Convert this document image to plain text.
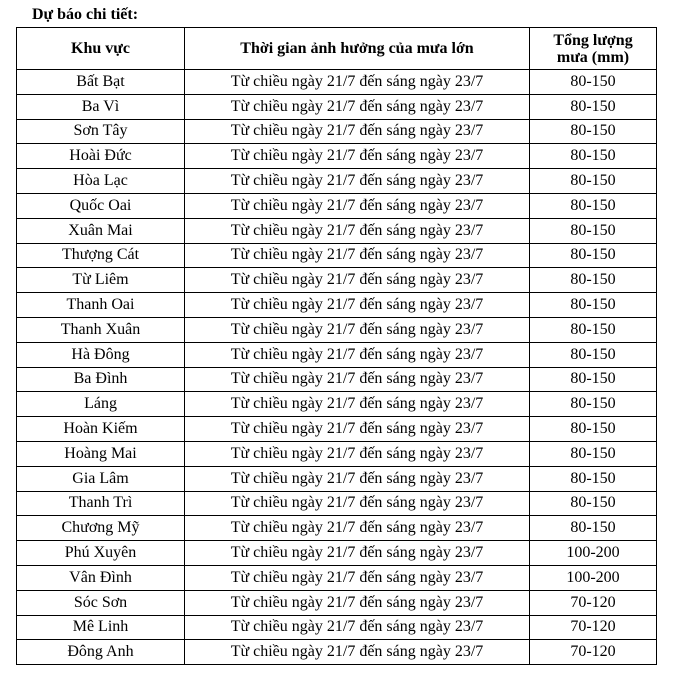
Dự báo chi tiết:
Khu vực	Thời gian ảnh hưởng của mưa lớn	Tổng lượng
mưa (mm)
Bất Bạt	Từ chiều ngày 21/7 đến sáng ngày 23/7	80-150
Ba Vì	Từ chiều ngày 21/7 đến sáng ngày 23/7	80-150
Sơn Tây	Từ chiều ngày 21/7 đến sáng ngày 23/7	80-150
Hoài Đức	Từ chiều ngày 21/7 đến sáng ngày 23/7	80-150
Hòa Lạc	Từ chiều ngày 21/7 đến sáng ngày 23/7	80-150
Quốc Oai	Từ chiều ngày 21/7 đến sáng ngày 23/7	80-150
Xuân Mai	Từ chiều ngày 21/7 đến sáng ngày 23/7	80-150
Thượng Cát	Từ chiều ngày 21/7 đến sáng ngày 23/7	80-150
Từ Liêm	Từ chiều ngày 21/7 đến sáng ngày 23/7	80-150
Thanh Oai	Từ chiều ngày 21/7 đến sáng ngày 23/7	80-150
Thanh Xuân	Từ chiều ngày 21/7 đến sáng ngày 23/7	80-150
Hà Đông	Từ chiều ngày 21/7 đến sáng ngày 23/7	80-150
Ba Đình	Từ chiều ngày 21/7 đến sáng ngày 23/7	80-150
Láng	Từ chiều ngày 21/7 đến sáng ngày 23/7	80-150
Hoàn Kiếm	Từ chiều ngày 21/7 đến sáng ngày 23/7	80-150
Hoàng Mai	Từ chiều ngày 21/7 đến sáng ngày 23/7	80-150
Gia Lâm	Từ chiều ngày 21/7 đến sáng ngày 23/7	80-150
Thanh Trì	Từ chiều ngày 21/7 đến sáng ngày 23/7	80-150
Chương Mỹ	Từ chiều ngày 21/7 đến sáng ngày 23/7	80-150
Phú Xuyên	Từ chiều ngày 21/7 đến sáng ngày 23/7	100-200
Vân Đình	Từ chiều ngày 21/7 đến sáng ngày 23/7	100-200
Sóc Sơn	Từ chiều ngày 21/7 đến sáng ngày 23/7	70-120
Mê Linh	Từ chiều ngày 21/7 đến sáng ngày 23/7	70-120
Đông Anh	Từ chiều ngày 21/7 đến sáng ngày 23/7	70-120
